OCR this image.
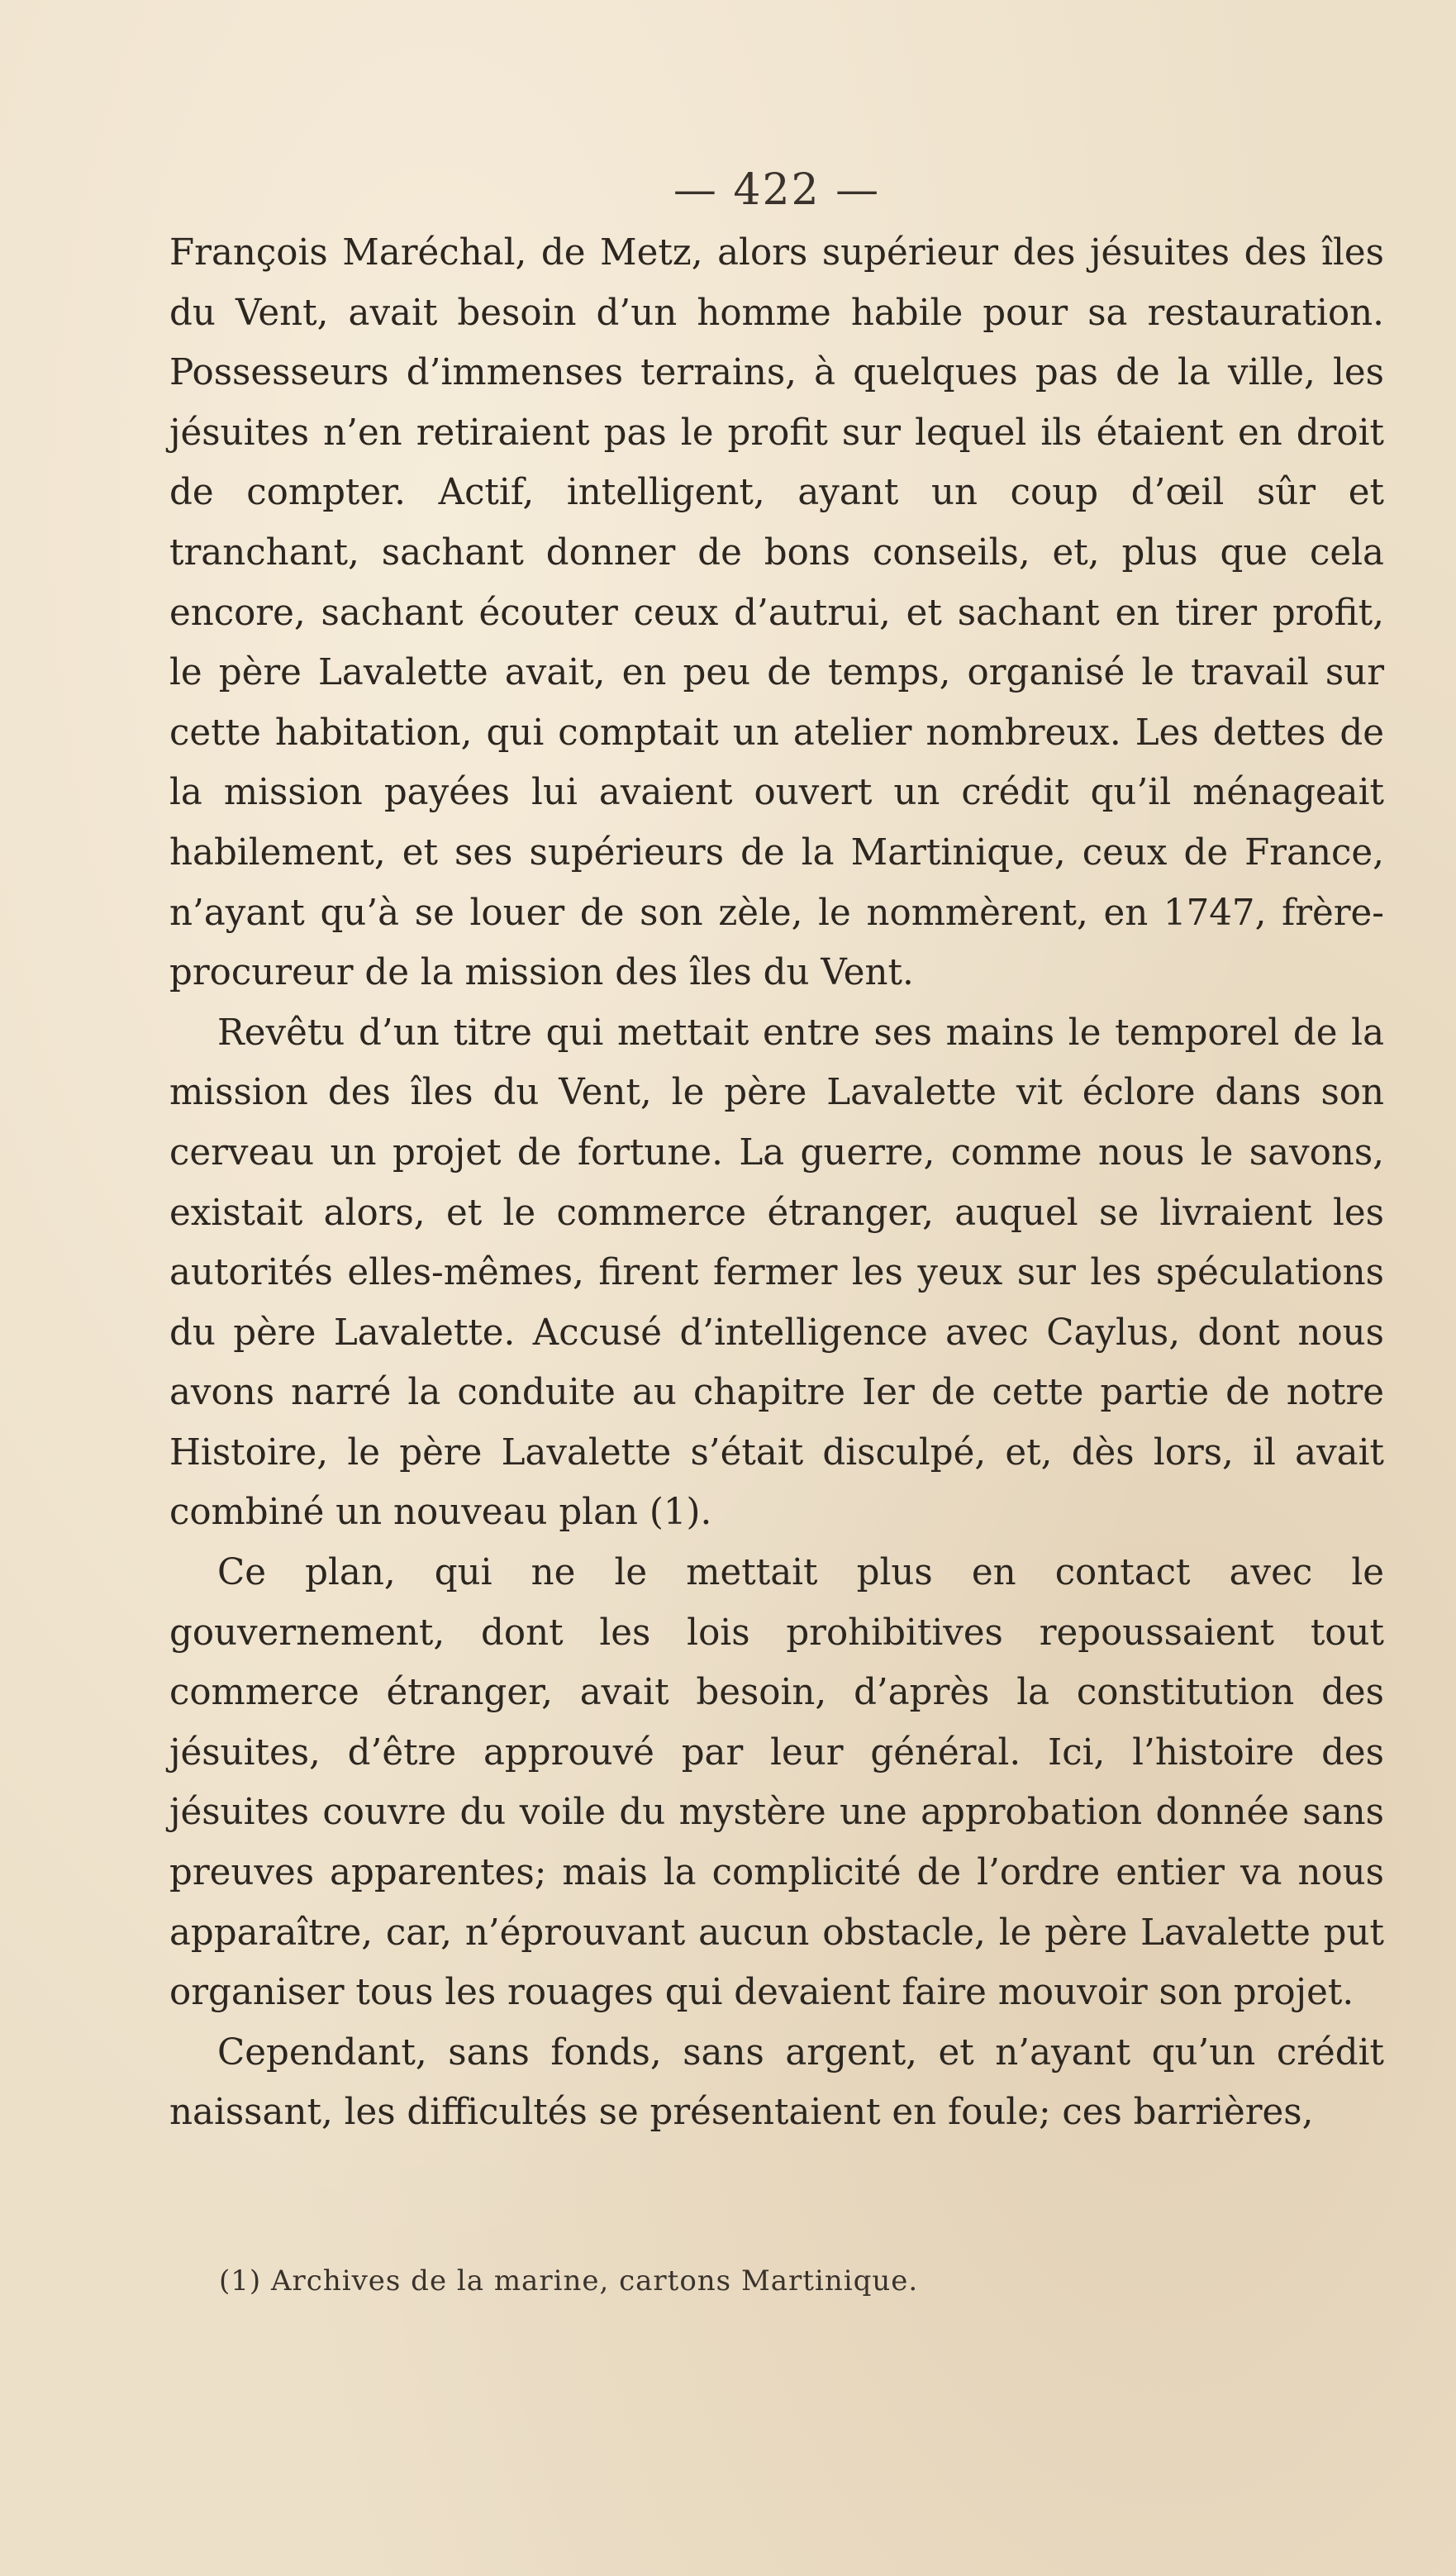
— 422 —

François Maréchal, de Metz, alors supérieur des jésuites des îles du Vent, avait besoin d’un homme habile pour sa restauration. Possesseurs d’immenses terrains, à quelques pas de la ville, les jésuites n’en retiraient pas le profit sur lequel ils étaient en droit de compter. Actif, intelligent, ayant un coup d’œil sûr et tranchant, sachant donner de bons conseils, et, plus que cela encore, sachant écouter ceux d’autrui, et sachant en tirer profit, le père Lavalette avait, en peu de temps, organisé le travail sur cette habitation, qui comptait un atelier nombreux. Les dettes de la mission payées lui avaient ouvert un crédit qu’il ménageait habilement, et ses supérieurs de la Martinique, ceux de France, n’ayant qu’à se louer de son zèle, le nommèrent, en 1747, frère-procureur de la mission des îles du Vent.

Revêtu d’un titre qui mettait entre ses mains le temporel de la mission des îles du Vent, le père Lavalette vit éclore dans son cerveau un projet de fortune. La guerre, comme nous le savons, existait alors, et le commerce étranger, auquel se livraient les autorités elles-mêmes, firent fermer les yeux sur les spéculations du père Lavalette. Accusé d’intelligence avec Caylus, dont nous avons narré la conduite au chapitre Ier de cette partie de notre Histoire, le père Lavalette s’était disculpé, et, dès lors, il avait combiné un nouveau plan (1).

Ce plan, qui ne le mettait plus en contact avec le gouvernement, dont les lois prohibitives repoussaient tout commerce étranger, avait besoin, d’après la constitution des jésuites, d’être approuvé par leur général. Ici, l’histoire des jésuites couvre du voile du mystère une approbation donnée sans preuves apparentes; mais la complicité de l’ordre entier va nous apparaître, car, n’éprouvant aucun obstacle, le père Lavalette put organiser tous les rouages qui devaient faire mouvoir son projet.

Cependant, sans fonds, sans argent, et n’ayant qu’un crédit naissant, les difficultés se présentaient en foule; ces barrières,

(1) Archives de la marine, cartons Martinique.
